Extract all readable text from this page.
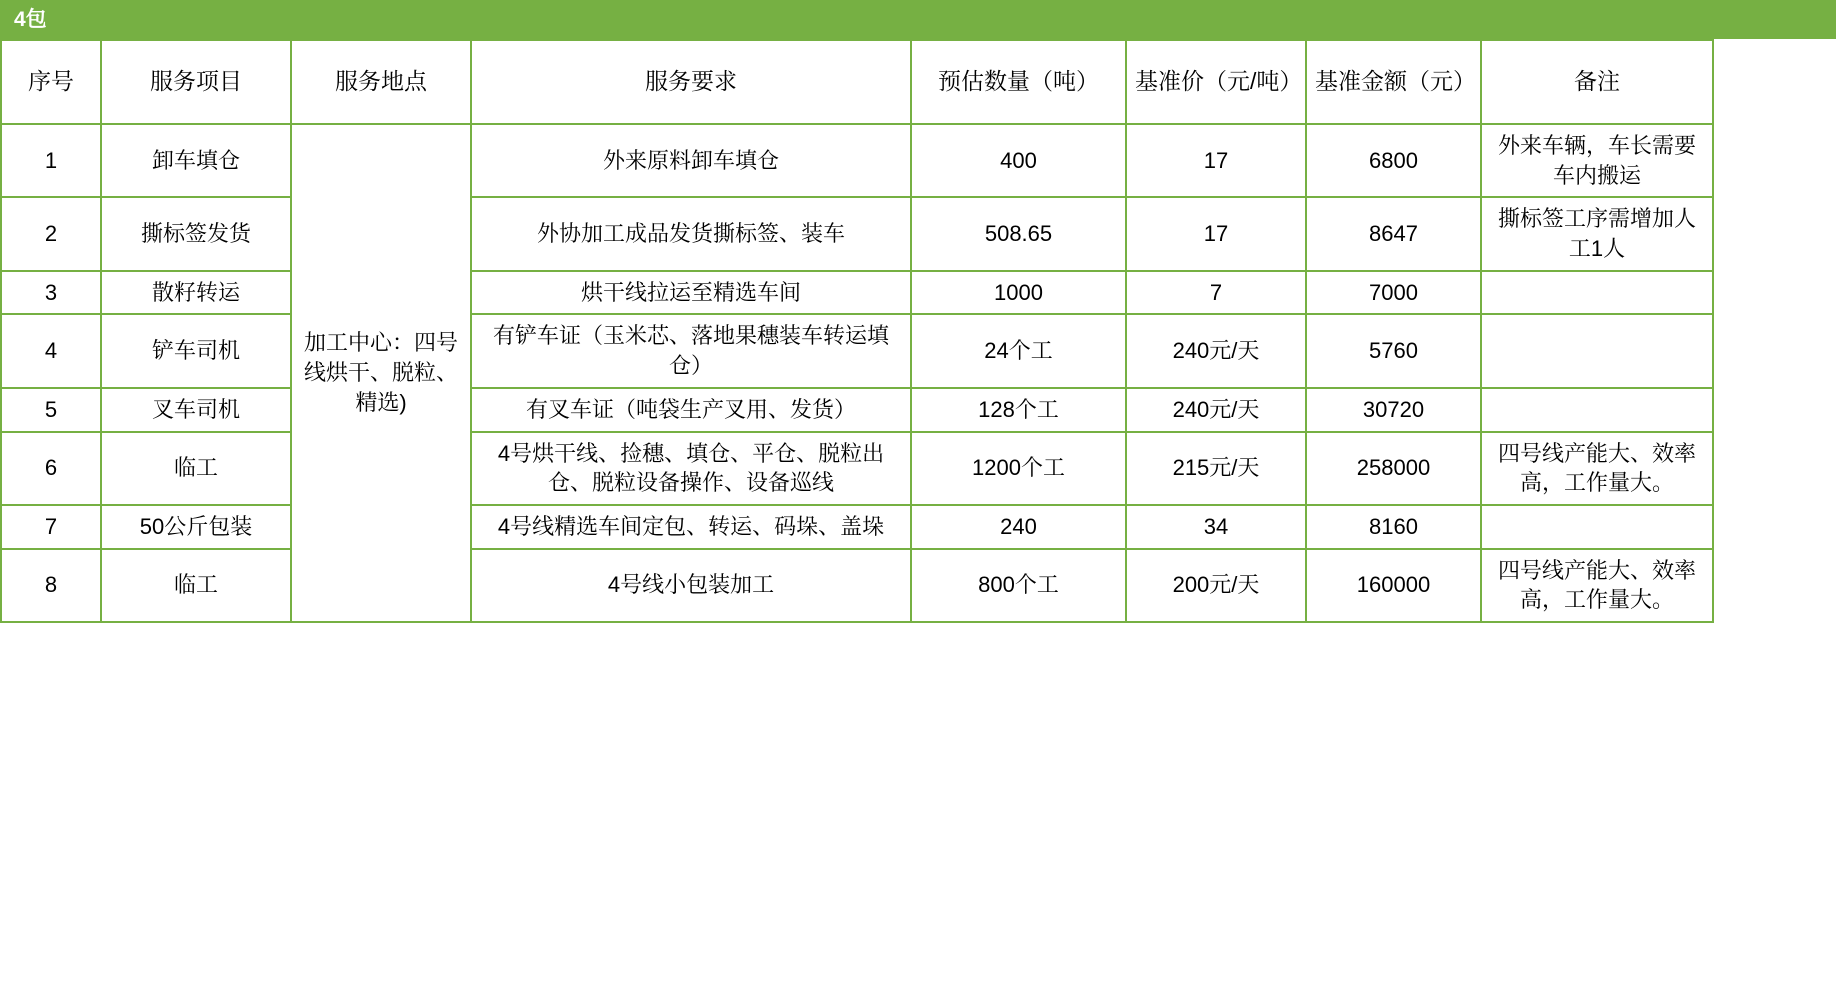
4包
序号	服务项目	服务地点	服务要求	预估数量（吨）	基准价（元/吨）	基准金额（元）	备注
1	卸车填仓	加工中心：四号线烘干、脱粒、精选)	外来原料卸车填仓	400	17	6800	外来车辆，车长需要车内搬运
2	撕标签发货		外协加工成品发货撕标签、装车	508.65	17	8647	撕标签工序需增加人工1人
3	散籽转运		烘干线拉运至精选车间	1000	7	7000	
4	铲车司机		有铲车证（玉米芯、落地果穗装车转运填仓）	24个工	240元/天	5760	
5	叉车司机		有叉车证（吨袋生产叉用、发货）	128个工	240元/天	30720	
6	临工		4号烘干线、捡穗、填仓、平仓、脱粒出仓、脱粒设备操作、设备巡线	1200个工	215元/天	258000	四号线产能大、效率高，工作量大。
7	50公斤包装		4号线精选车间定包、转运、码垛、盖垛	240	34	8160	
8	临工		4号线小包装加工	800个工	200元/天	160000	四号线产能大、效率高，工作量大。
